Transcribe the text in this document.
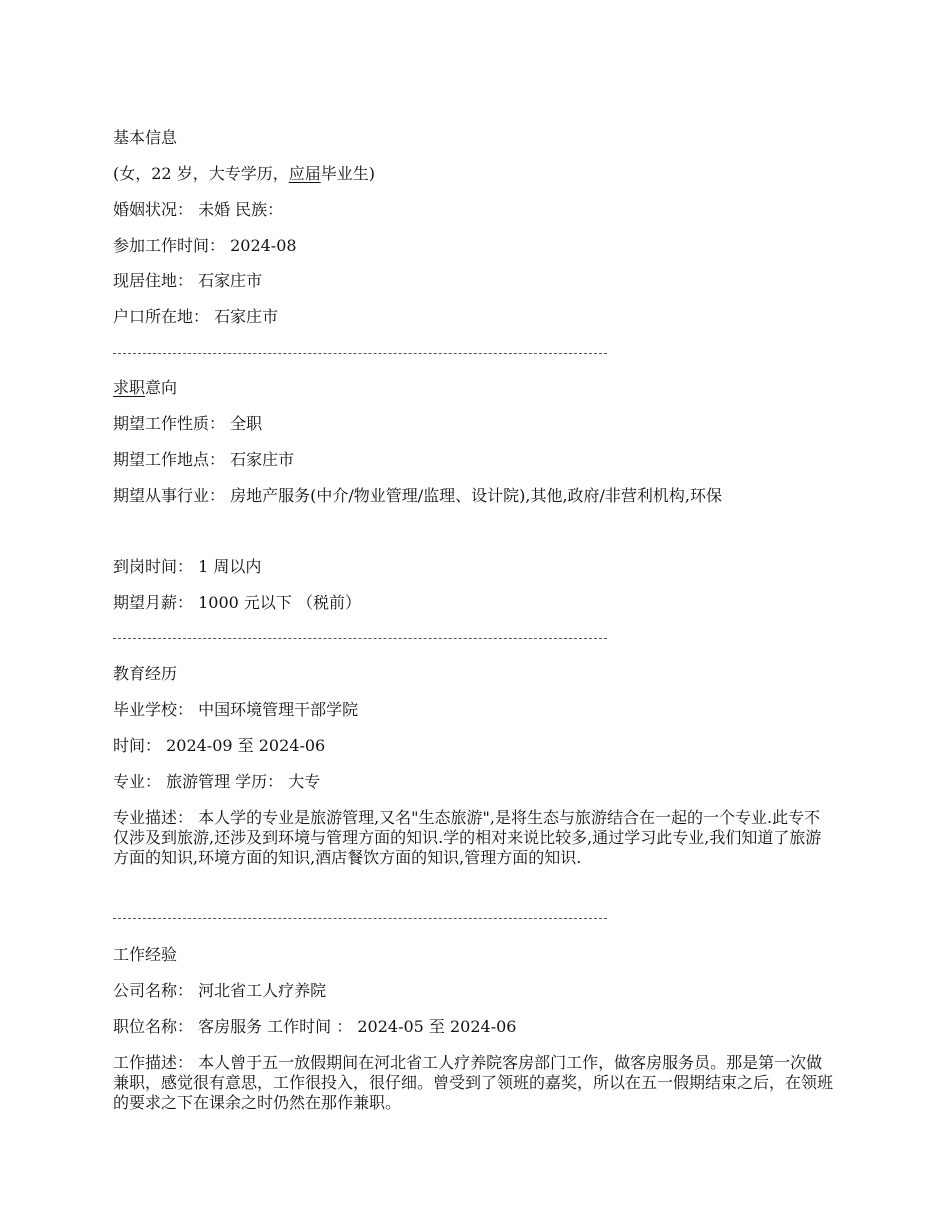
基本信息
(女，22 岁，大专学历，应届毕业生)
婚姻状况： 未婚 民族：
参加工作时间： 2024-08
现居住地： 石家庄市
户口所在地： 石家庄市
求职意向
期望工作性质： 全职
期望工作地点： 石家庄市
期望从事行业： 房地产服务(中介/物业管理/监理、设计院),其他,政府/非营利机构,环保
到岗时间： 1 周以内
期望月薪： 1000 元以下 （税前）
教育经历
毕业学校： 中国环境管理干部学院
时间： 2024-09 至 2024-06
专业： 旅游管理 学历： 大专
专业描述： 本人学的专业是旅游管理,又名"生态旅游",是将生态与旅游结合在一起的一个专业.此专不仅涉及到旅游,还涉及到环境与管理方面的知识.学的相对来说比较多,通过学习此专业,我们知道了旅游方面的知识,环境方面的知识,酒店餐饮方面的知识,管理方面的知识.
工作经验
公司名称： 河北省工人疗养院
职位名称： 客房服务 工作时间 ： 2024-05 至 2024-06
工作描述： 本人曾于五一放假期间在河北省工人疗养院客房部门工作，做客房服务员。那是第一次做兼职，感觉很有意思，工作很投入，很仔细。曾受到了领班的嘉奖，所以在五一假期结束之后，在领班的要求之下在课余之时仍然在那作兼职。
